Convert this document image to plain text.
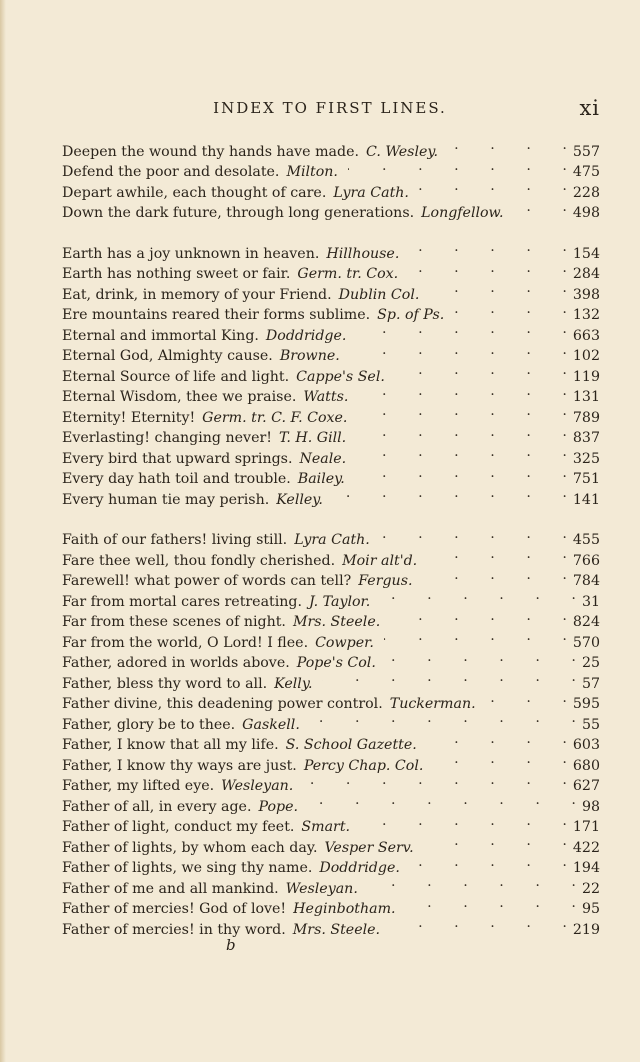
INDEX TO FIRST LINES.	xi
Deepen the wound thy hands have made. C. Wesley. .	557
Defend the poor and desolate. Milton. .	475
Depart awhile, each thought of care. Lyra Cath. .	228
Down the dark future, through long generations. Longfellow. .	498
Earth has a joy unknown in heaven. Hillhouse. .	154
Earth has nothing sweet or fair. Germ. tr. Cox. .	284
Eat, drink, in memory of your Friend. Dublin Col. .	398
Ere mountains reared their forms sublime. Sp. of Ps. .	132
Eternal and immortal King. Doddridge. .	663
Eternal God, Almighty cause. Browne. .	102
Eternal Source of life and light. Cappe's Sel. .	119
Eternal Wisdom, thee we praise. Watts. .	131
Eternity! Eternity! Germ. tr. C. F. Coxe. .	789
Everlasting! changing never! T. H. Gill. .	837
Every bird that upward springs. Neale. .	325
Every day hath toil and trouble. Bailey. .	751
Every human tie may perish. Kelley. .	141
Faith of our fathers! living still. Lyra Cath. .	455
Fare thee well, thou fondly cherished. Moir alt'd. .	766
Farewell! what power of words can tell? Fergus. .	784
Far from mortal cares retreating. J. Taylor. .	31
Far from these scenes of night. Mrs. Steele. .	824
Far from the world, O Lord! I flee. Cowper. .	570
Father, adored in worlds above. Pope's Col. .	25
Father, bless thy word to all. Kelly. .	57
Father divine, this deadening power control. Tuckerman. .	595
Father, glory be to thee. Gaskell. .	55
Father, I know that all my life. S. School Gazette. .	603
Father, I know thy ways are just. Percy Chap. Col. .	680
Father, my lifted eye. Wesleyan. .	627
Father of all, in every age. Pope. .	98
Father of light, conduct my feet. Smart. .	171
Father of lights, by whom each day. Vesper Serv. .	422
Father of lights, we sing thy name. Doddridge. .	194
Father of me and all mankind. Wesleyan. .	22
Father of mercies! God of love! Heginbotham. .	95
Father of mercies! in thy word. Mrs. Steele. .	219
b
